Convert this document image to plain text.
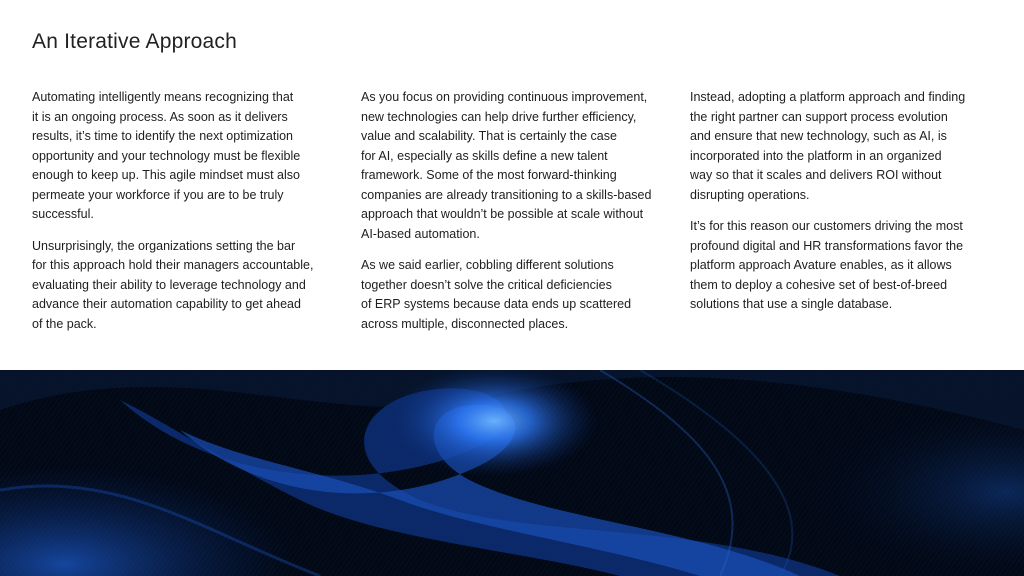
An Iterative Approach

Automating intelligently means recognizing that
it is an ongoing process. As soon as it delivers
results, it’s time to identify the next optimization
opportunity and your technology must be flexible
enough to keep up. This agile mindset must also
permeate your workforce if you are to be truly
successful.

Unsurprisingly, the organizations setting the bar
for this approach hold their managers accountable,
evaluating their ability to leverage technology and
advance their automation capability to get ahead
of the pack.

As you focus on providing continuous improvement,
new technologies can help drive further efficiency,
value and scalability. That is certainly the case
for AI, especially as skills define a new talent
framework. Some of the most forward-thinking
companies are already transitioning to a skills-based
approach that wouldn’t be possible at scale without
AI-based automation.

As we said earlier, cobbling different solutions
together doesn’t solve the critical deficiencies
of ERP systems because data ends up scattered
across multiple, disconnected places.

Instead, adopting a platform approach and finding
the right partner can support process evolution
and ensure that new technology, such as AI, is
incorporated into the platform in an organized
way so that it scales and delivers ROI without
disrupting operations.

It’s for this reason our customers driving the most
profound digital and HR transformations favor the
platform approach Avature enables, as it allows
them to deploy a cohesive set of best-of-breed
solutions that use a single database.
